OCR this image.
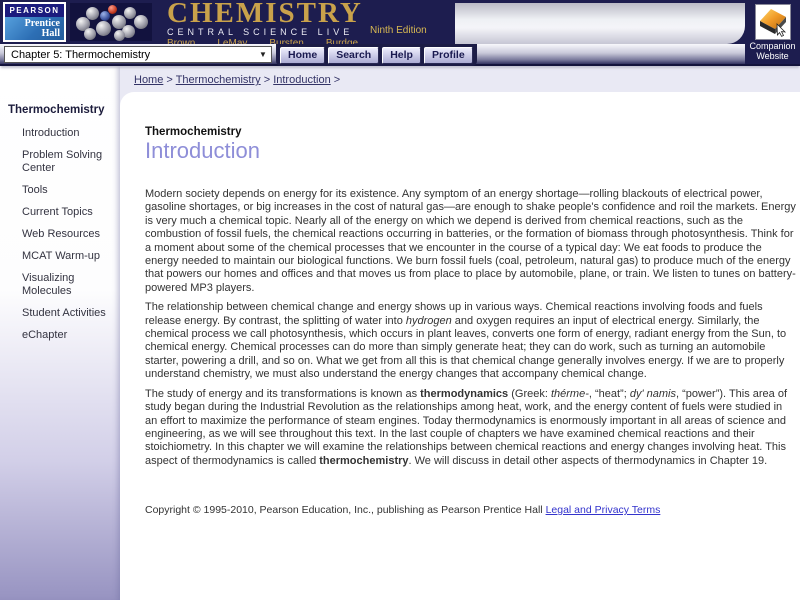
PEARSON
Prentice
Hall
CHEMISTRY
CENTRAL SCIENCE LIVE	Ninth Edition
Companion
Website
Chapter 5: Thermochemistry	▼	Home	Search	Help	Profile
Thermochemistry
Introduction
Problem Solving Center
Tools
Current Topics
Web Resources
MCAT Warm-up
Visualizing Molecules
Student Activities
eChapter
Home > Thermochemistry > Introduction >
Thermochemistry
Introduction

Modern society depends on energy for its existence. Any symptom of an energy shortage—rolling blackouts of electrical power, gasoline shortages, or big increases in the cost of natural gas—are enough to shake people's confidence and roil the markets. Energy is very much a chemical topic. Nearly all of the energy on which we depend is derived from chemical reactions, such as the combustion of fossil fuels, the chemical reactions occurring in batteries, or the formation of biomass through photosynthesis. Think for a moment about some of the chemical processes that we encounter in the course of a typical day: We eat foods to produce the energy needed to maintain our biological functions. We burn fossil fuels (coal, petroleum, natural gas) to produce much of the energy that powers our homes and offices and that moves us from place to place by automobile, plane, or train. We listen to tunes on battery-powered MP3 players.

The relationship between chemical change and energy shows up in various ways. Chemical reactions involving foods and fuels release energy. By contrast, the splitting of water into hydrogen and oxygen requires an input of electrical energy. Similarly, the chemical process we call photosynthesis, which occurs in plant leaves, converts one form of energy, radiant energy from the Sun, to chemical energy. Chemical processes can do more than simply generate heat; they can do work, such as turning an automobile starter, powering a drill, and so on. What we get from all this is that chemical change generally involves energy. If we are to properly understand chemistry, we must also understand the energy changes that accompany chemical change.

The study of energy and its transformations is known as thermodynamics (Greek: thérme-, “heat”; dy' namis, “power”). This area of study began during the Industrial Revolution as the relationships among heat, work, and the energy content of fuels were studied in an effort to maximize the performance of steam engines. Today thermodynamics is enormously important in all areas of science and engineering, as we will see throughout this text. In the last couple of chapters we have examined chemical reactions and their stoichiometry. In this chapter we will examine the relationships between chemical reactions and energy changes involving heat. This aspect of thermodynamics is called thermochemistry. We will discuss in detail other aspects of thermodynamics in Chapter 19.

Copyright © 1995-2010, Pearson Education, Inc., publishing as Pearson Prentice Hall Legal and Privacy Terms
